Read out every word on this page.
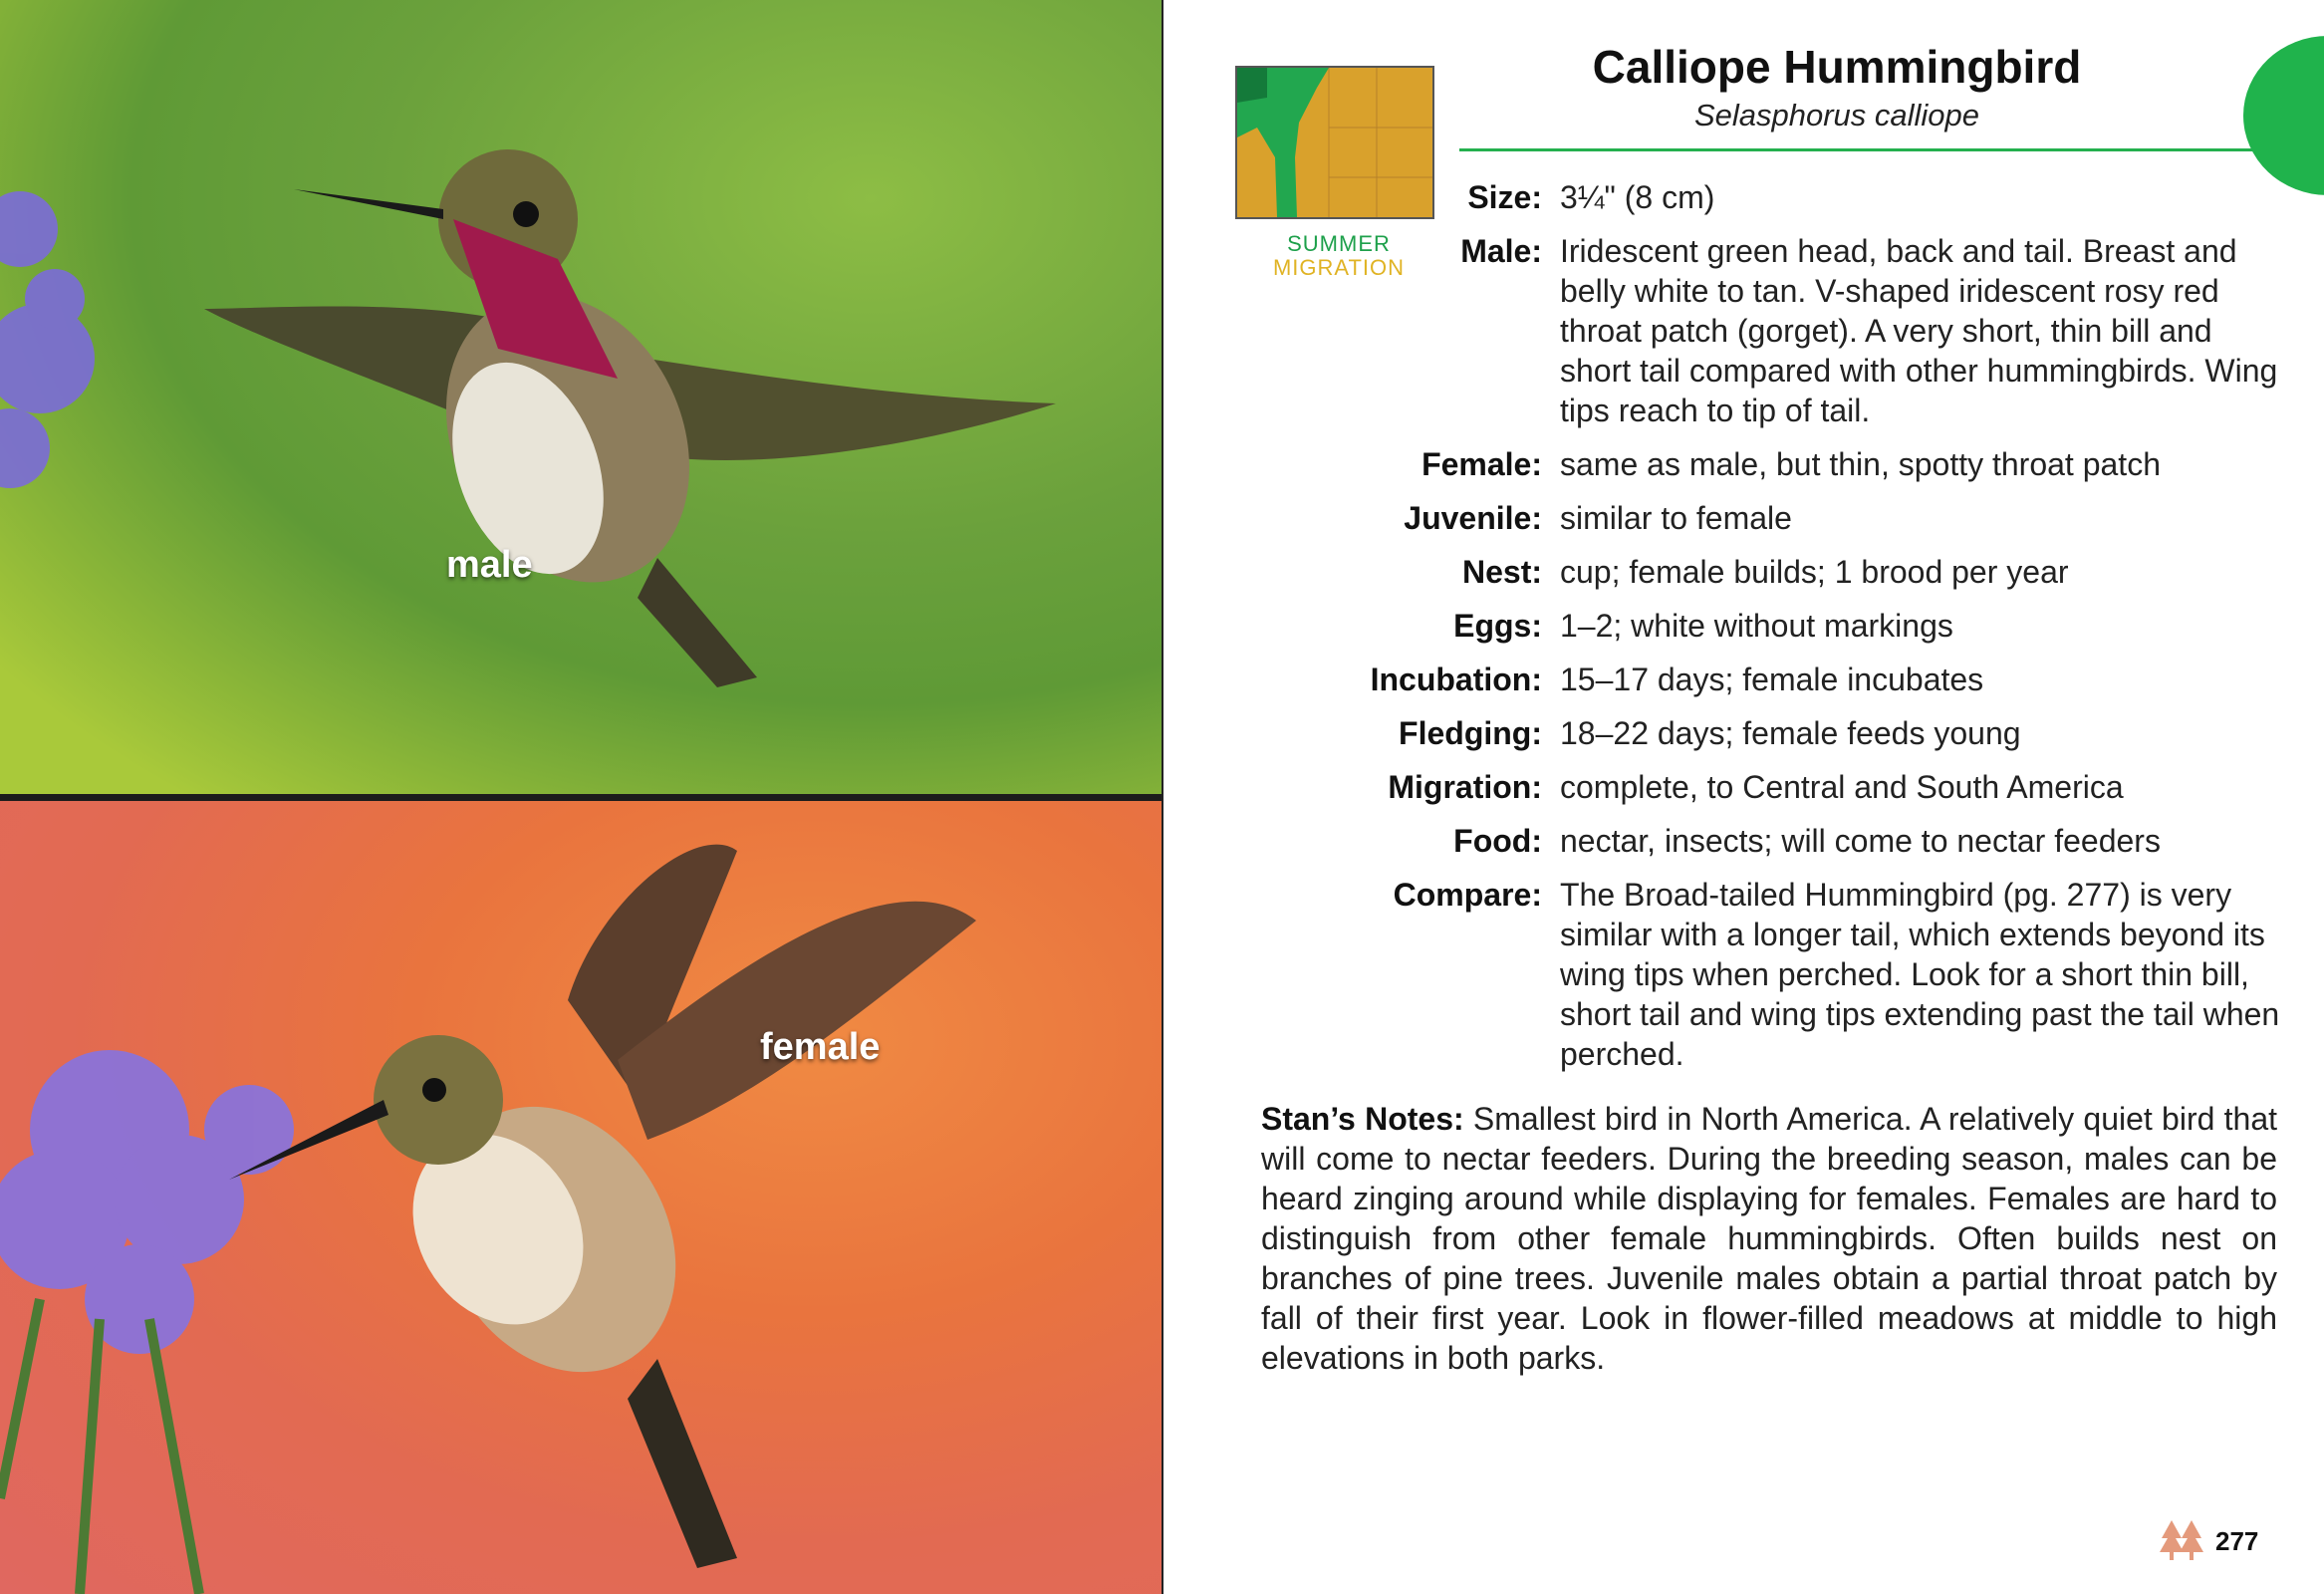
male
female
SUMMER
MIGRATION
Calliope Hummingbird
Selasphorus calliope
Size: 3¼" (8 cm)
Male: Iridescent green head, back and tail. Breast and belly white to tan. V-shaped iridescent rosy red throat patch (gorget). A very short, thin bill and short tail compared with other hummingbirds. Wing tips reach to tip of tail.
Female: same as male, but thin, spotty throat patch
Juvenile: similar to female
Nest: cup; female builds; 1 brood per year
Eggs: 1–2; white without markings
Incubation: 15–17 days; female incubates
Fledging: 18–22 days; female feeds young
Migration: complete, to Central and South America
Food: nectar, insects; will come to nectar feeders
Compare: The Broad-tailed Hummingbird (pg. 277) is very similar with a longer tail, which extends beyond its wing tips when perched. Look for a short thin bill, short tail and wing tips extending past the tail when perched.
Stan’s Notes: Smallest bird in North America. A relatively quiet bird that will come to nectar feeders. During the breeding season, males can be heard zinging around while displaying for females. Females are hard to distinguish from other female hummingbirds. Often builds nest on branches of pine trees. Juvenile males obtain a partial throat patch by fall of their first year. Look in flower-filled meadows at middle to high elevations in both parks.
277
